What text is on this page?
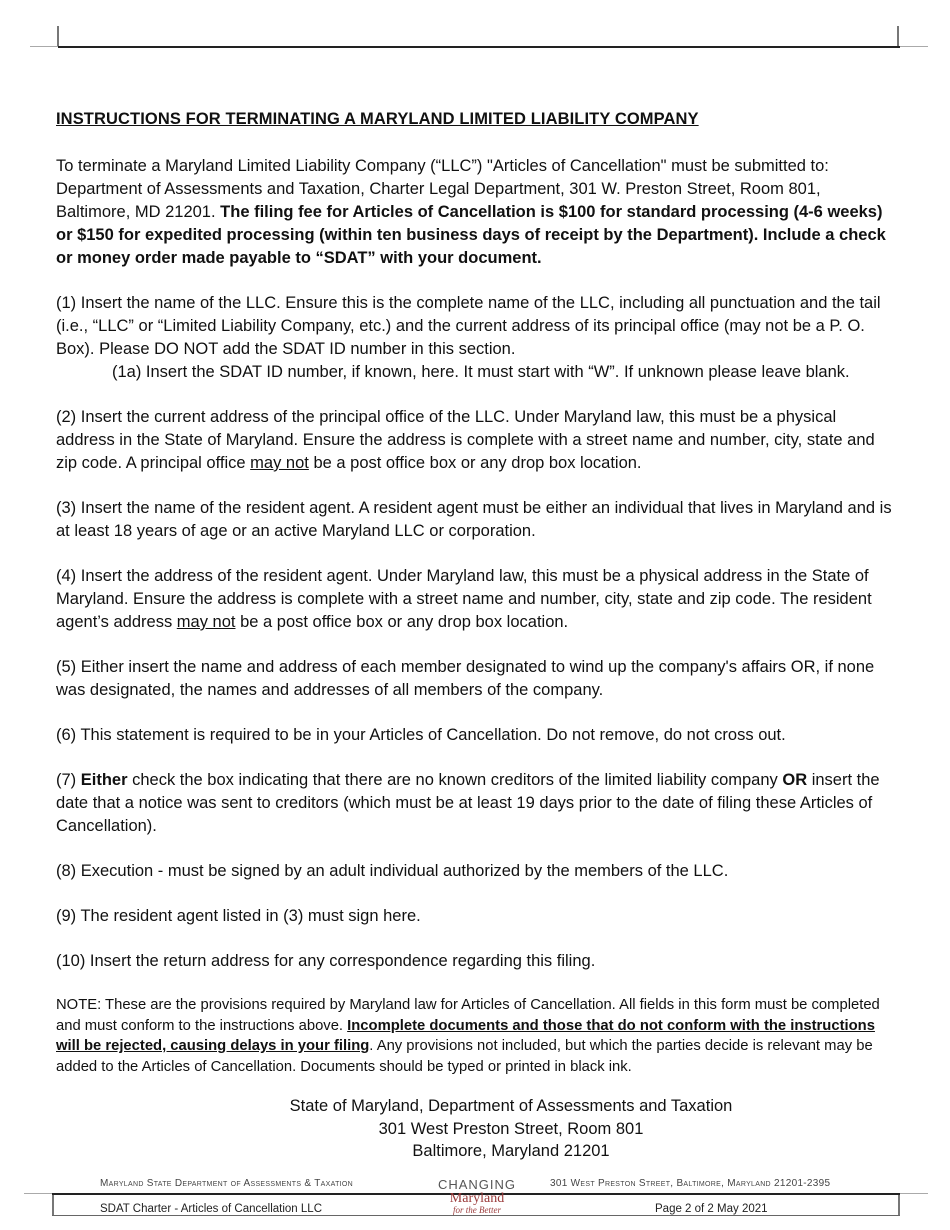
INSTRUCTIONS FOR TERMINATING A MARYLAND LIMITED LIABILITY COMPANY

To terminate a Maryland Limited Liability Company (“LLC”) "Articles of Cancellation" must be submitted to: Department of Assessments and Taxation, Charter Legal Department, 301 W. Preston Street, Room 801, Baltimore, MD 21201. The filing fee for Articles of Cancellation is $100 for standard processing (4-6 weeks) or $150 for expedited processing (within ten business days of receipt by the Department). Include a check or money order made payable to “SDAT” with your document.

(1) Insert the name of the LLC. Ensure this is the complete name of the LLC, including all punctuation and the tail (i.e., “LLC” or “Limited Liability Company, etc.) and the current address of its principal office (may not be a P. O. Box). Please DO NOT add the SDAT ID number in this section.

(1a) Insert the SDAT ID number, if known, here. It must start with “W”. If unknown please leave blank.

(2) Insert the current address of the principal office of the LLC. Under Maryland law, this must be a physical address in the State of Maryland. Ensure the address is complete with a street name and number, city, state and zip code. A principal office may not be a post office box or any drop box location.

(3) Insert the name of the resident agent. A resident agent must be either an individual that lives in Maryland and is at least 18 years of age or an active Maryland LLC or corporation.

(4) Insert the address of the resident agent. Under Maryland law, this must be a physical address in the State of Maryland. Ensure the address is complete with a street name and number, city, state and zip code. The resident agent’s address may not be a post office box or any drop box location.

(5) Either insert the name and address of each member designated to wind up the company's affairs OR, if none was designated, the names and addresses of all members of the company.

(6) This statement is required to be in your Articles of Cancellation. Do not remove, do not cross out.

(7) Either check the box indicating that there are no known creditors of the limited liability company OR insert the date that a notice was sent to creditors (which must be at least 19 days prior to the date of filing these Articles of Cancellation).

(8) Execution - must be signed by an adult individual authorized by the members of the LLC.

(9) The resident agent listed in (3) must sign here.

(10) Insert the return address for any correspondence regarding this filing.

NOTE: These are the provisions required by Maryland law for Articles of Cancellation. All fields in this form must be completed and must conform to the instructions above. Incomplete documents and those that do not conform with the instructions will be rejected, causing delays in your filing. Any provisions not included, but which the parties decide is relevant may be added to the Articles of Cancellation. Documents should be typed or printed in black ink.

State of Maryland, Department of Assessments and Taxation
301 West Preston Street, Room 801
Baltimore, Maryland 21201
Maryland State Department of Assessments & Taxation	301 West Preston Street, Baltimore, Maryland 21201-2395
CHANGING
Maryland
for the Better
SDAT Charter - Articles of Cancellation LLC	Page 2 of 2 May 2021
